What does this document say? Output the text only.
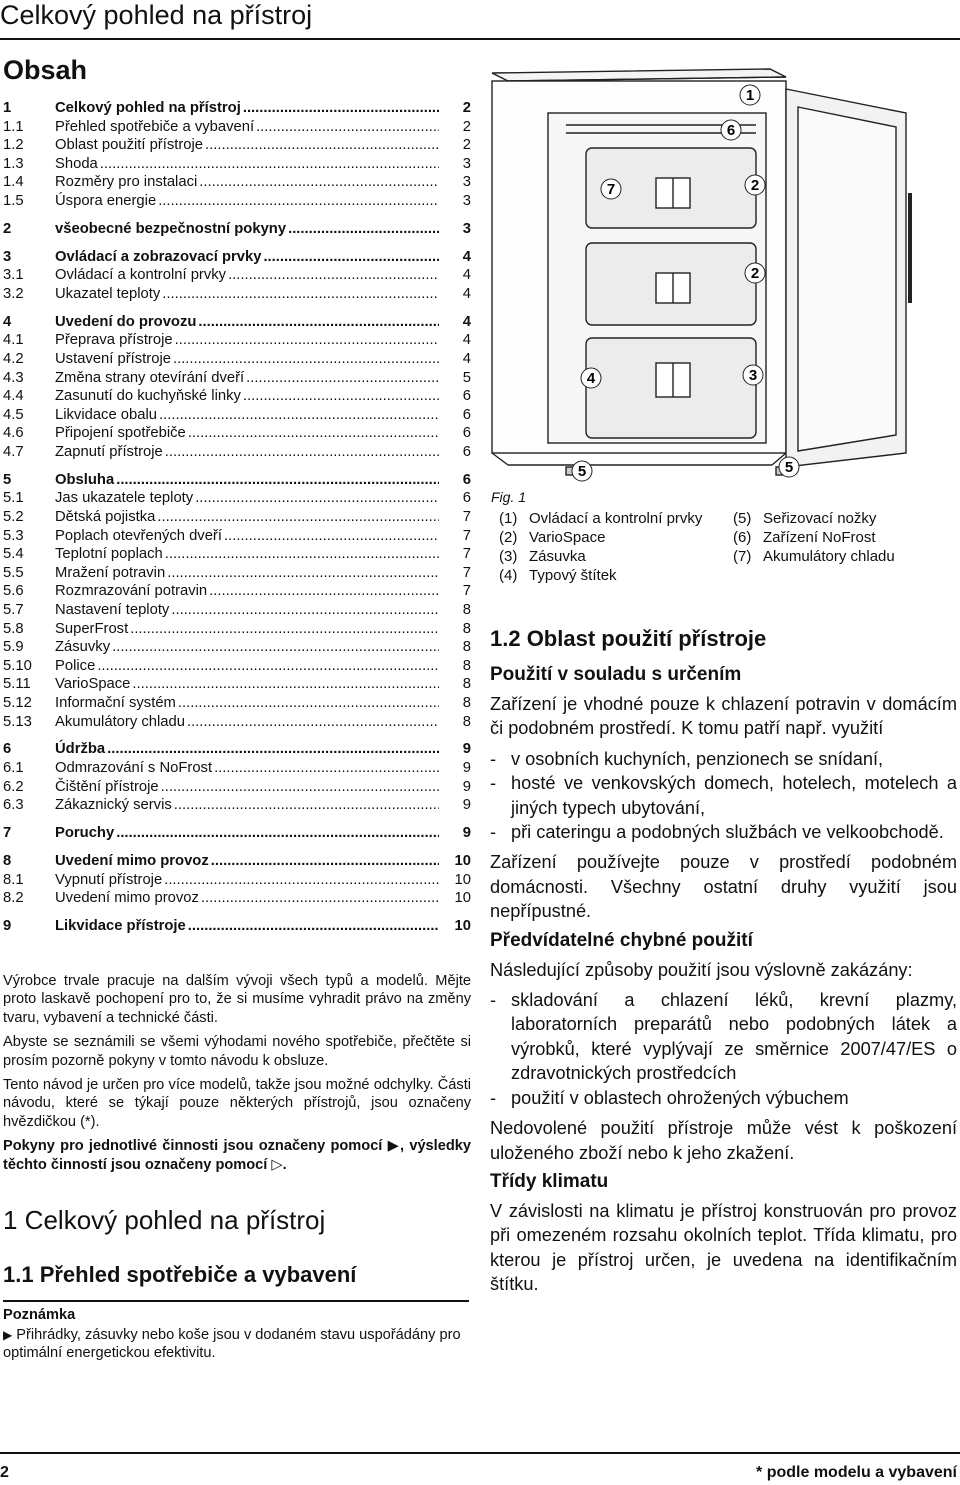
Celkový pohled na přístroj
Obsah
1	Celkový pohled na přístroj .....	2
1.1	Přehled spotřebiče a vybavení .....	2
1.2	Oblast použití přístroje .....	2
1.3	Shoda .....	3
1.4	Rozměry pro instalaci .....	3
1.5	Úspora energie .....	3
2	všeobecné bezpečnostní pokyny .....	3
3	Ovládací a zobrazovací prvky .....	4
3.1	Ovládací a kontrolní prvky .....	4
3.2	Ukazatel teploty .....	4
4	Uvedení do provozu .....	4
4.1	Přeprava přístroje .....	4
4.2	Ustavení přístroje .....	4
4.3	Změna strany otevírání dveří .....	5
4.4	Zasunutí do kuchyňské linky .....	6
4.5	Likvidace obalu .....	6
4.6	Připojení spotřebiče .....	6
4.7	Zapnutí přístroje .....	6
5	Obsluha .....	6
5.1	Jas ukazatele teploty .....	6
5.2	Dětská pojistka .....	7
5.3	Poplach otevřených dveří .....	7
5.4	Teplotní poplach .....	7
5.5	Mražení potravin .....	7
5.6	Rozmrazování potravin .....	7
5.7	Nastavení teploty .....	8
5.8	SuperFrost .....	8
5.9	Zásuvky .....	8
5.10	Police .....	8
5.11	VarioSpace .....	8
5.12	Informační systém .....	8
5.13	Akumulátory chladu .....	8
6	Údržba .....	9
6.1	Odmrazování s NoFrost .....	9
6.2	Čištění přístroje .....	9
6.3	Zákaznický servis .....	9
7	Poruchy .....	9
8	Uvedení mimo provoz .....	10
8.1	Vypnutí přístroje .....	10
8.2	Uvedení mimo provoz .....	10
9	Likvidace přístroje .....	10

Výrobce trvale pracuje na dalším vývoji všech typů a modelů. Mějte proto laskavě pochopení pro to, že si musíme vyhradit právo na změny tvaru, vybavení a technické části.

Abyste se seznámili se všemi výhodami nového spotřebiče, přečtěte si prosím pozorně pokyny v tomto návodu k obsluze.

Tento návod je určen pro více modelů, takže jsou možné odchylky. Části návodu, které se týkají pouze některých přístrojů, jsou označeny hvězdičkou (*).

Pokyny pro jednotlivé činnosti jsou označeny pomocí ▶, výsledky těchto činností jsou označeny pomocí ▷.

1 Celkový pohled na přístroj
1.1 Přehled spotřebiče a vybavení
Poznámka
▶ Přihrádky, zásuvky nebo koše jsou v dodaném stavu uspořádány pro optimální energetickou efektivitu.
1
6
7	2
2
4	3
5	5
Fig. 1
(1) Ovládací a kontrolní prvky
(2) VarioSpace
(3) Zásuvka
(4) Typový štítek
(5) Seřizovací nožky
(6) Zařízení NoFrost
(7) Akumulátory chladu
1.2 Oblast použití přístroje
Použití v souladu s určením

Zařízení je vhodné pouze k chlazení potravin v domácím či podobném prostředí. K tomu patří např. využití

- v osobních kuchyních, penzionech se snídaní,
- hosté ve venkovských domech, hotelech, motelech a jiných typech ubytování,
- při cateringu a podobných službách ve velkoobchodě.

Zařízení používejte pouze v prostředí podobném domácnosti. Všechny ostatní druhy využití jsou nepřípustné.

Předvídatelné chybné použití

Následující způsoby použití jsou výslovně zakázány:

- skladování a chlazení léků, krevní plazmy, laboratorních preparátů nebo podobných látek a výrobků, které vyplývají ze směrnice 2007/47/ES o zdravotnických prostředcích
- použití v oblastech ohrožených výbuchem

Nedovolené použití přístroje může vést k poškození uloženého zboží nebo k jeho zkažení.

Třídy klimatu

V závislosti na klimatu je přístroj konstruován pro provoz při omezeném rozsahu okolních teplot. Třída klimatu, pro kterou je přístroj určen, je uvedena na identifikačním štítku.

2	* podle modelu a vybavení
